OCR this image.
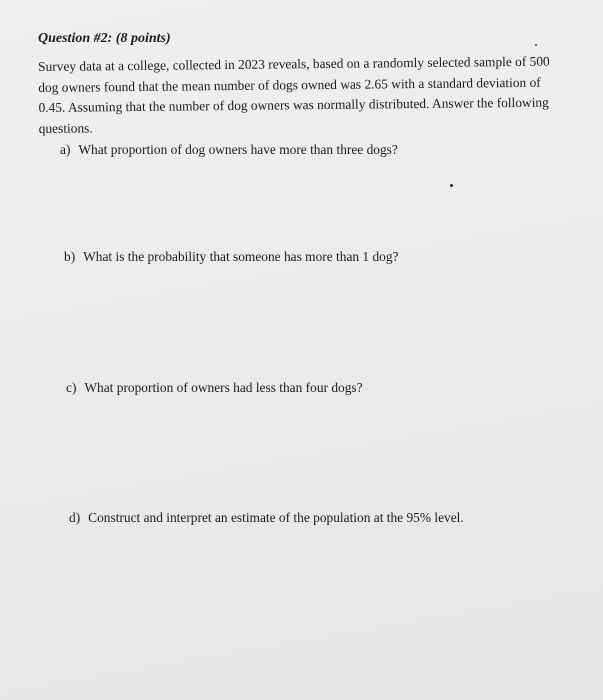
Question #2: (8 points)
Survey data at a college, collected in 2023 reveals, based on a randomly selected sample of 500 dog owners found that the mean number of dogs owned was 2.65 with a standard deviation of 0.45. Assuming that the number of dog owners was normally distributed. Answer the following questions.
a) What proportion of dog owners have more than three dogs?
b) What is the probability that someone has more than 1 dog?
c) What proportion of owners had less than four dogs?
d) Construct and interpret an estimate of the population at the 95% level.
